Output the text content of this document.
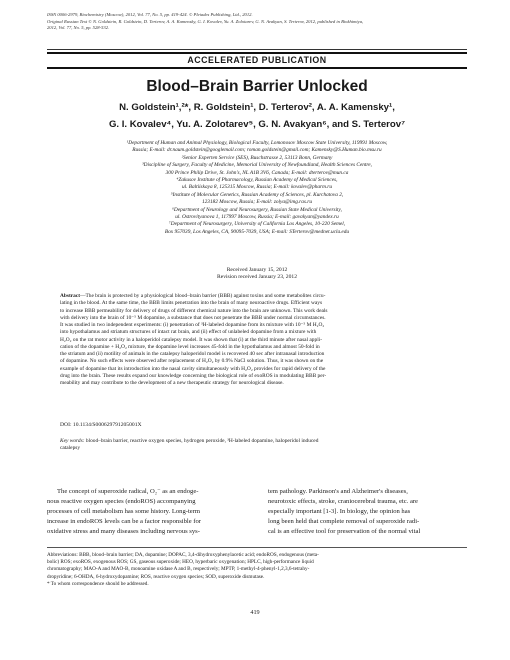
ISSN 0006-2979, Biochemistry (Moscow), 2012, Vol. 77, No. 5, pp. 419-424. © Pleiades Publishing, Ltd., 2012.
Original Russian Text © N. Goldstein, R. Goldstein, D. Terterov, A. A. Kamensky, G. I. Kovalev, Yu. A. Zolotarev, G. N. Avakyan, S. Terterov, 2012, published in Biokhimiya,
2012, Vol. 77, No. 5, pp. 528-532.
ACCELERATED PUBLICATION
Blood–Brain Barrier Unlocked
N. Goldstein¹,²*, R. Goldstein¹, D. Terterov², A. A. Kamensky¹,
G. I. Kovalev⁴, Yu. A. Zolotarev⁵, G. N. Avakyan⁶, and S. Terterov⁷
¹Department of Human and Animal Physiology, Biological Faculty, Lomonosov Moscow State University, 119991 Moscow,
Russia; E-mail: dr.naum.goldstein@googlemail.com; roman.goldstein@gmail.com; Kamensky@S.Human.bio.msu.ru
²Senior Experten Service (SES), Buschstrasse 2, 53113 Bonn, Germany
³Discipline of Surgery, Faculty of Medicine, Memorial University of Newfoundland, Health Sciences Centre,
300 Prince Philip Drive, St. John's, NL A1B 3V6, Canada; E-mail: dterterov@mun.ca
⁴Zakusov Institute of Pharmacology, Russian Academy of Medical Sciences,
ul. Baltiiskaya 8, 125315 Moscow, Russia; E-mail: kovalev@pharm.ru
⁵Institute of Molecular Genetics, Russian Academy of Sciences, pl. Kurchatova 2,
123182 Moscow, Russia; E-mail: zolya@img.ras.ru
⁶Department of Neurology and Neurosurgery, Russian State Medical University,
ul. Ostrovityanova 1, 117997 Moscow, Russia; E-mail: gavakyan@yandex.ru
⁷Department of Neurosurgery, University of California Los Angeles, 10-220 Semel,
Box 957039, Los Angeles, CA, 90095-7039, USA; E-mail: STerterov@mednet.ucla.edu
Received January 15, 2012
Revision received January 23, 2012
Abstract—The brain is protected by a physiological blood–brain barrier (BBB) against toxins and some metabolites circu-
lating in the blood. At the same time, the BBB limits penetration into the brain of many neuroactive drugs. Efficient ways
to increase BBB permeability for delivery of drugs of different chemical nature into the brain are unknown. This work deals
with delivery into the brain of 10⁻⁵ M dopamine, a substance that does not penetrate the BBB under normal circumstances.
It was studied in two independent experiments: (i) penetration of ³H-labeled dopamine from its mixture with 10⁻⁵ M H₂O₂
into hypothalamus and striatum structures of intact rat brain, and (ii) effect of unlabeled dopamine from a mixture with
H₂O₂ on the rat motor activity in a haloperidol catalepsy model. It was shown that (i) at the third minute after nasal appli-
cation of the dopamine + H₂O₂ mixture, the dopamine level increases 45-fold in the hypothalamus and almost 50-fold in
the striatum and (ii) motility of animals in the catalepsy haloperidol model is recovered 40 sec after intranasal introduction
of dopamine. No such effects were observed after replacement of H₂O₂ by 0.9% NaCl solution. Thus, it was shown on the
example of dopamine that its introduction into the nasal cavity simultaneously with H₂O₂ provides for rapid delivery of the
drug into the brain. These results expand our knowledge concerning the biological role of exoROS in modulating BBB per-
meability and may contribute to the development of a new therapeutic strategy for neurological disease.
DOI: 10.1134/S000629791205001X
Key words: blood–brain barrier, reactive oxygen species, hydrogen peroxide, ³H-labeled dopamine, haloperidol induced
catalepsy
The concept of superoxide radical, O₂⁻ as an endoge-
nous reactive oxygen species (endoROS) accompanying
processes of cell metabolism has some history. Long-term
increase in endoROS levels can be a factor responsible for
oxidative stress and many diseases including nervous sys-
tem pathology. Parkinson's and Alzheimer's diseases,
neurotoxic effects, stroke, craniocerebral trauma, etc. are
especially important [1-3]. In biology, the opinion has
long been held that complete removal of superoxide radi-
cal is an effective tool for preservation of the normal vital
Abbreviations: BBB, blood–brain barrier; DA, dopamine; DOPAC, 3,4-dihydroxyphenylacetic acid; endoROS, endogenous (meta-
bolic) ROS; exoROS, exogenous ROS; GS, gaseous superoxide; HEO, hyperbaric oxygenation; HPLC, high-performance liquid
chromatography; MAO-A and MAO-B, monoamine oxidase A and B, respectively; MPTP, 1-methyl-4-phenyl-1,2,3,6-tetrahy-
dropyridine; 6-OHDA, 6-hydroxydopamine; ROS, reactive oxygen species; SOD, superoxide dismutase.
* To whom correspondence should be addressed.
419
